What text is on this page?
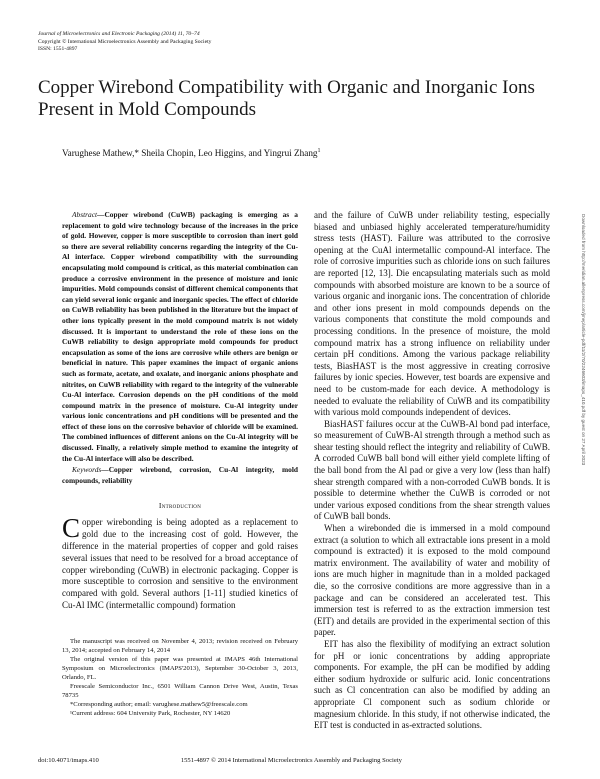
Journal of Microelectronics and Electronic Packaging (2014) 11, 70–74
Copyright © International Microelectronics Assembly and Packaging Society
ISSN: 1551-4897
Copper Wirebond Compatibility with Organic and Inorganic Ions Present in Mold Compounds
Varughese Mathew,* Sheila Chopin, Leo Higgins, and Yingrui Zhang$^1$

Abstract—Copper wirebond (CuWB) packaging is emerging as a replacement to gold wire technology because of the increases in the price of gold. However, copper is more susceptible to corrosion than inert gold so there are several reliability concerns regarding the integrity of the Cu-Al interface. Copper wirebond compatibility with the surrounding encapsulating mold compound is critical, as this material combination can produce a corrosive environment in the presence of moisture and ionic impurities. Mold compounds consist of different chemical components that can yield several ionic organic and inorganic species. The effect of chloride on CuWB reliability has been published in the literature but the impact of other ions typically present in the mold compound matrix is not widely discussed. It is important to understand the role of these ions on the CuWB reliability to design appropriate mold compounds for product encapsulation as some of the ions are corrosive while others are benign or beneficial in nature. This paper examines the impact of organic anions such as formate, acetate, and oxalate, and inorganic anions phosphate and nitrites, on CuWB reliability with regard to the integrity of the vulnerable Cu-Al interface. Corrosion depends on the pH conditions of the mold compound matrix in the presence of moisture. Cu-Al integrity under various ionic concentrations and pH conditions will be presented and the effect of these ions on the corrosive behavior of chloride will be examined. The combined influences of different anions on the Cu-Al integrity will be discussed. Finally, a relatively simple method to examine the integrity of the Cu-Al interface will also be described.

Keywords—Copper wirebond, corrosion, Cu-Al integrity, mold compounds, reliability

Introduction

Copper wirebonding is being adopted as a replacement to gold due to the increasing cost of gold. However, the difference in the material properties of copper and gold raises several issues that need to be resolved for a broad acceptance of copper wirebonding (CuWB) in electronic packaging. Copper is more susceptible to corrosion and sensitive to the environment compared with gold. Several authors [1-11] studied kinetics of Cu-Al IMC (intermetallic compound) formation

and the failure of CuWB under reliability testing, especially biased and unbiased highly accelerated temperature/humidity stress tests (HAST). Failure was attributed to the corrosive opening at the CuAl intermetallic compound-Al interface. The role of corrosive impurities such as chloride ions on such failures are reported [12, 13]. Die encapsulating materials such as mold compounds with absorbed moisture are known to be a source of various organic and inorganic ions. The concentration of chloride and other ions present in mold compounds depends on the various components that constitute the mold compounds and processing conditions. In the presence of moisture, the mold compound matrix has a strong influence on reliability under certain pH conditions. Among the various package reliability tests, BiasHAST is the most aggressive in creating corrosive failures by ionic species. However, test boards are expensive and need to be custom-made for each device. A methodology is needed to evaluate the reliability of CuWB and its compatibility with various mold compounds independent of devices.

BiasHAST failures occur at the CuWB-Al bond pad interface, so measurement of CuWB-Al strength through a method such as shear testing should reflect the integrity and reliability of CuWB. A corroded CuWB ball bond will either yield complete lifting of the ball bond from the Al pad or give a very low (less than half) shear strength compared with a non-corroded CuWB bonds. It is possible to determine whether the CuWB is corroded or not under various exposed conditions from the shear strength values of CuWB ball bonds.

When a wirebonded die is immersed in a mold compound extract (a solution to which all extractable ions present in a mold compound is extracted) it is exposed to the mold compound matrix environment. The availability of water and mobility of ions are much higher in magnitude than in a molded packaged die, so the corrosive conditions are more aggressive than in a package and can be considered an accelerated test. This immersion test is referred to as the extraction immersion test (EIT) and details are provided in the experimental section of this paper.

EIT has also the flexibility of modifying an extract solution for pH or ionic concentrations by adding appropriate components. For example, the pH can be modified by adding either sodium hydroxide or sulfuric acid. Ionic concentrations such as Cl concentration can also be modified by adding an appropriate Cl component such as sodium chloride or magnesium chloride. In this study, if not otherwise indicated, the EIT test is conducted in as-extracted solutions.

The manuscript was received on November 4, 2013; revision received on February 13, 2014; accepted on February 14, 2014

The original version of this paper was presented at IMAPS 46th International Symposium on Microelectronics (IMAPS'2013), September 30-October 3, 2013, Orlando, FL.

Freescale Semiconductor Inc., 6501 William Cannon Drive West, Austin, Texas 78735

*Corresponding author; email: varughese.mathew5@freescale.com

¹Current address: 604 University Park, Rochester, NY 14620

doi:10.4071/imaps.410	1551-4897 © 2014 International Microelectronics Assembly and Packaging Society
Downloaded from http://meridian.allenpress.com/jmep/article-pdf/11/2/70/2246603/imaps_410.pdf by guest on 27 April 2023
